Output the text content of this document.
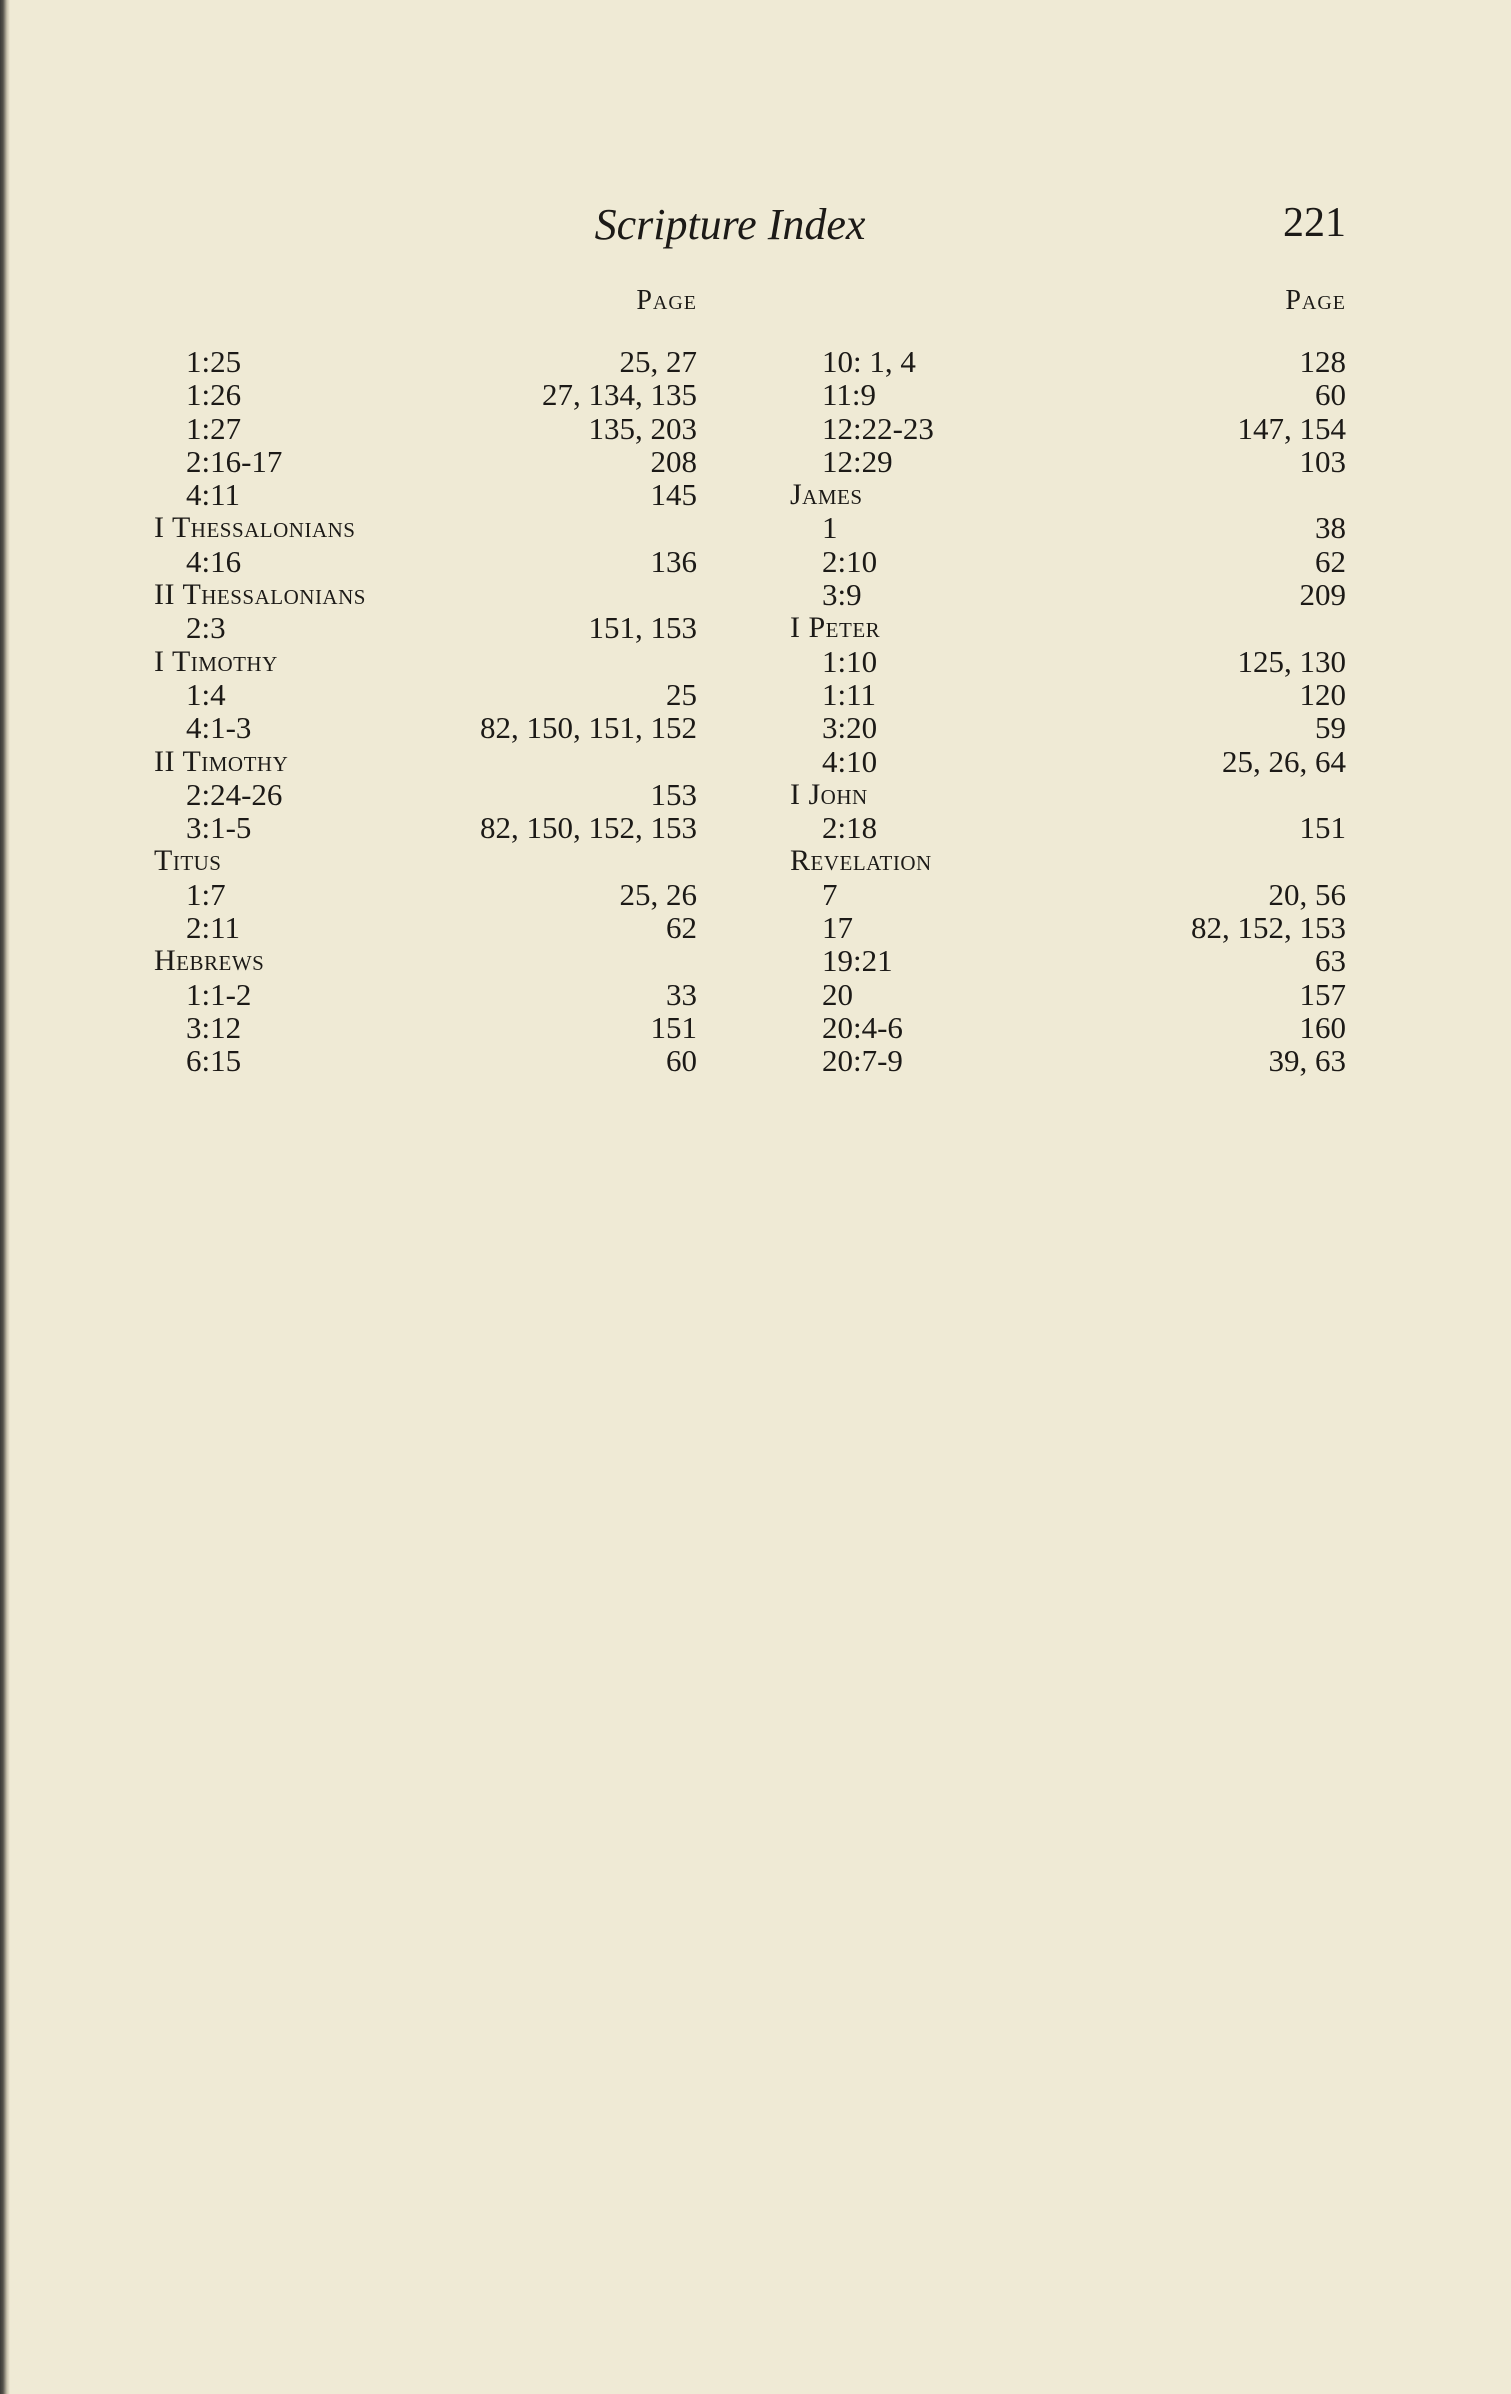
Scripture Index	221
Page	Page
1:25	25, 27
1:26	27, 134, 135
1:27	135, 203
2:16-17	208
4:11	145
I Thessalonians
4:16	136
II Thessalonians
2:3	151, 153
I Timothy
1:4	25
4:1-3	82, 150, 151, 152
II Timothy
2:24-26	153
3:1-5	82, 150, 152, 153
Titus
1:7	25, 26
2:11	62
Hebrews
1:1-2	33
3:12	151
6:15	60
10: 1, 4	128
11:9	60
12:22-23	147, 154
12:29	103
James
1	38
2:10	62
3:9	209
I Peter
1:10	125, 130
1:11	120
3:20	59
4:10	25, 26, 64
I John
2:18	151
Revelation
7	20, 56
17	82, 152, 153
19:21	63
20	157
20:4-6	160
20:7-9	39, 63
